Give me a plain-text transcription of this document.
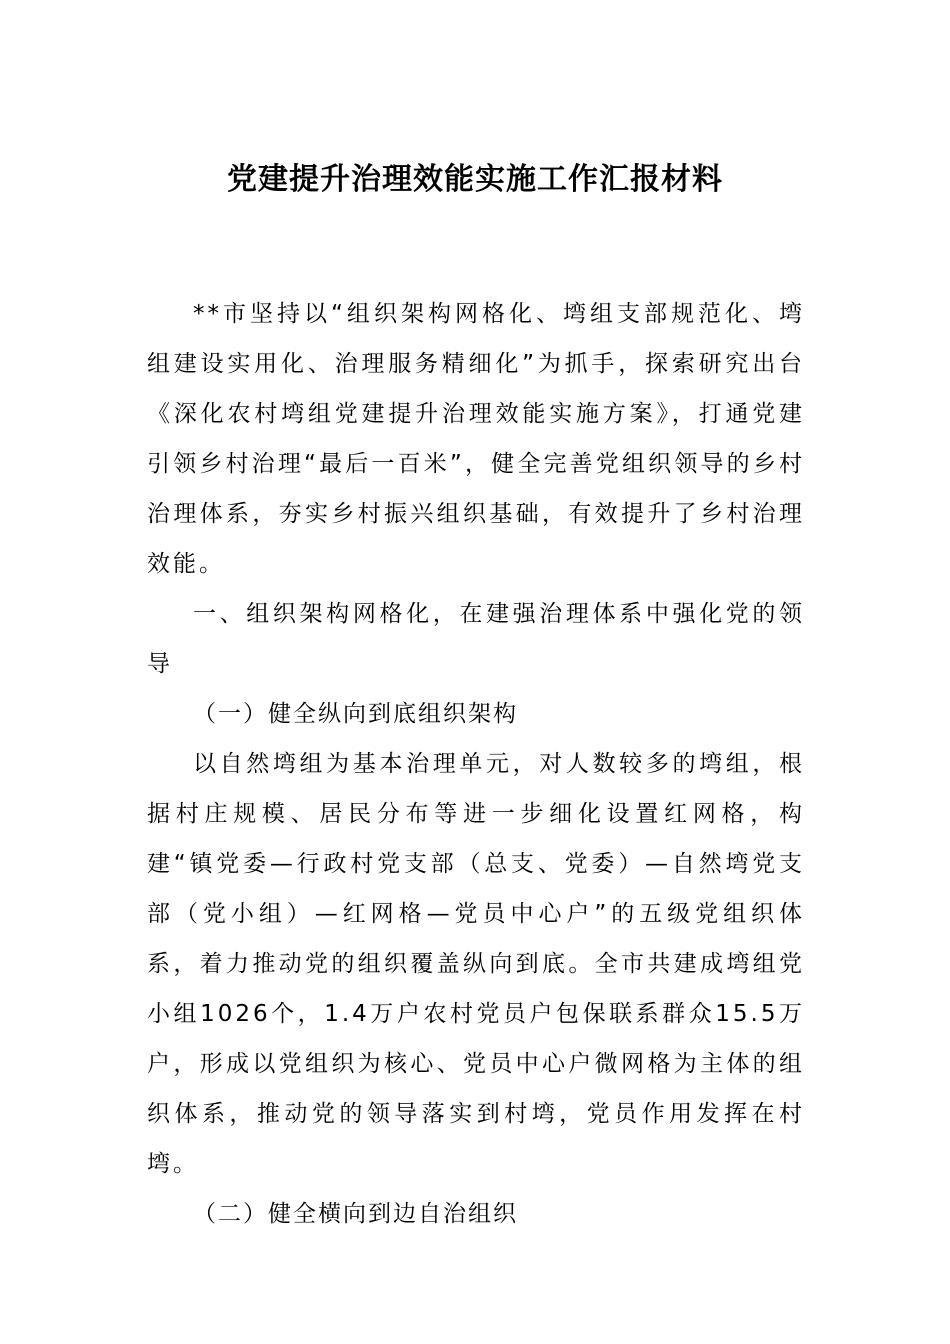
党建提升治理效能实施工作汇报材料

**市坚持以“组织架构网格化、塆组支部规范化、塆组建设实用化、治理服务精细化”为抓手，探索研究出台《深化农村塆组党建提升治理效能实施方案》，打通党建引领乡村治理“最后一百米”，健全完善党组织领导的乡村治理体系，夯实乡村振兴组织基础，有效提升了乡村治理效能。

一、组织架构网格化，在建强治理体系中强化党的领导

（一）健全纵向到底组织架构

以自然塆组为基本治理单元，对人数较多的塆组，根据村庄规模、居民分布等进一步细化设置红网格，构建“镇党委—行政村党支部（总支、党委）—自然塆党支部（党小组）—红网格—党员中心户”的五级党组织体系，着力推动党的组织覆盖纵向到底。全市共建成塆组党小组1026个，1.4万户农村党员户包保联系群众15.5万户，形成以党组织为核心、党员中心户微网格为主体的组织体系，推动党的领导落实到村塆，党员作用发挥在村塆。

（二）健全横向到边自治组织
